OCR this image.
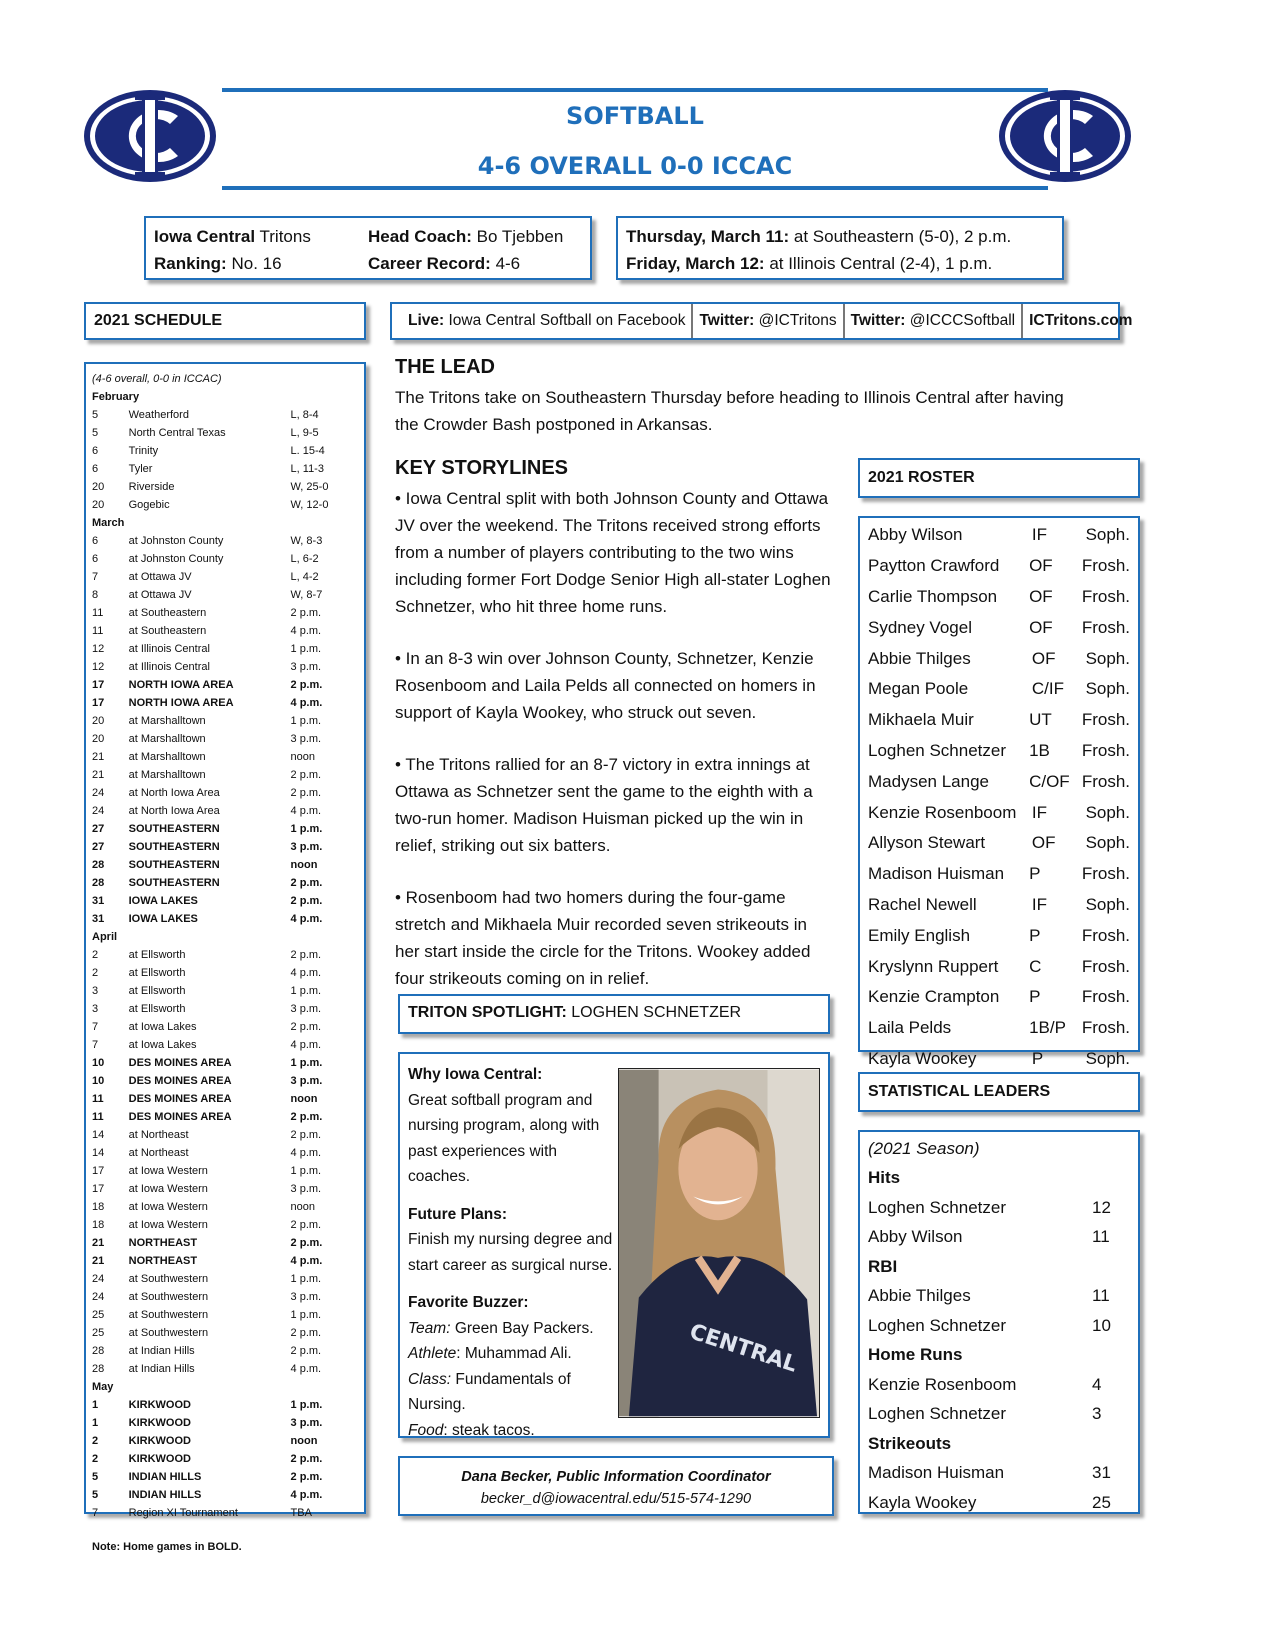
SOFTBALL
4-6 OVERALL 0-0 ICCAC
Iowa Central Tritons	Head Coach: Bo Tjebben
Ranking: No. 16	Career Record: 4-6
Thursday, March 11: at Southeastern (5-0), 2 p.m.
Friday, March 12: at Illinois Central (2-4), 1 p.m.
2021 SCHEDULE	Live:
Iowa Central Softball on Facebook Twitter:
@ICTritons Twitter:
@ICCCSoftball ICTritons.com
(4-6 overall, 0-0 in ICCAC)
February
5	Weatherford	L, 8-4
5	North Central Texas	L, 9-5
6	Trinity	L. 15-4
6	Tyler	L, 11-3
20	Riverside	W, 25-0
20	Gogebic	W, 12-0
March
6	at Johnston County	W, 8-3
6	at Johnston County	L, 6-2
7	at Ottawa JV	L, 4-2
8	at Ottawa JV	W, 8-7
11	at Southeastern	2 p.m.
11	at Southeastern	4 p.m.
12	at Illinois Central	1 p.m.
12	at Illinois Central	3 p.m.
17	NORTH IOWA AREA	2 p.m.
17	NORTH IOWA AREA	4 p.m.
20	at Marshalltown	1 p.m.
20	at Marshalltown	3 p.m.
21	at Marshalltown	noon
21	at Marshalltown	2 p.m.
24	at North Iowa Area	2 p.m.
24	at North Iowa Area	4 p.m.
27	SOUTHEASTERN	1 p.m.
27	SOUTHEASTERN	3 p.m.
28	SOUTHEASTERN	noon
28	SOUTHEASTERN	2 p.m.
31	IOWA LAKES	2 p.m.
31	IOWA LAKES	4 p.m.
April
2	at Ellsworth	2 p.m.
2	at Ellsworth	4 p.m.
3	at Ellsworth	1 p.m.
3	at Ellsworth	3 p.m.
7	at Iowa Lakes	2 p.m.
7	at Iowa Lakes	4 p.m.
10	DES MOINES AREA	1 p.m.
10	DES MOINES AREA	3 p.m.
11	DES MOINES AREA	noon
11	DES MOINES AREA	2 p.m.
14	at Northeast	2 p.m.
14	at Northeast	4 p.m.
17	at Iowa Western	1 p.m.
17	at Iowa Western	3 p.m.
18	at Iowa Western	noon
18	at Iowa Western	2 p.m.
21	NORTHEAST	2 p.m.
21	NORTHEAST	4 p.m.
24	at Southwestern	1 p.m.
24	at Southwestern	3 p.m.
25	at Southwestern	1 p.m.
25	at Southwestern	2 p.m.
28	at Indian Hills	2 p.m.
28	at Indian Hills	4 p.m.
May
1	KIRKWOOD	1 p.m.
1	KIRKWOOD	3 p.m.
2	KIRKWOOD	noon
2	KIRKWOOD	2 p.m.
5	INDIAN HILLS	2 p.m.
5	INDIAN HILLS	4 p.m.
7	Region XI Tournament	TBA
Note: Home games in BOLD.
THE LEAD
The Tritons take on Southeastern Thursday before heading to Illinois Central after having the Crowder Bash postponed in Arkansas.
KEY STORYLINES

• Iowa Central split with both Johnson County and Ottawa JV over the weekend. The Tritons received strong efforts from a number of players contributing to the two wins including former Fort Dodge Senior High all-stater Loghen Schnetzer, who hit three home runs.

• In an 8-3 win over Johnson County, Schnetzer, Kenzie Rosenboom and Laila Pelds all connected on homers in support of Kayla Wookey, who struck out seven.

• The Tritons rallied for an 8-7 victory in extra innings at Ottawa as Schnetzer sent the game to the eighth with a two-run homer. Madison Huisman picked up the win in relief, striking out six batters.

• Rosenboom had two homers during the four-game stretch and Mikhaela Muir recorded seven strikeouts in her start inside the circle for the Tritons. Wookey added four strikeouts coming on in relief.

TRITON SPOTLIGHT: LOGHEN SCHNETZER
Why Iowa Central:
Great softball program and nursing program, along with past experiences with coaches.
Future Plans:
Finish my nursing degree and start career as surgical nurse.
Favorite Buzzer:
Team: Green Bay Packers.
Athlete: Muhammad Ali.
Class: Fundamentals of Nursing.
Food: steak tacos.
CENTRAL
Dana Becker, Public Information Coordinator
becker_d@iowacentral.edu/515-574-1290
2021 ROSTER
Abby Wilson	IF	Soph.
Paytton Crawford	OF	Frosh.
Carlie Thompson	OF	Frosh.
Sydney Vogel	OF	Frosh.
Abbie Thilges	OF	Soph.
Megan Poole	C/IF	Soph.
Mikhaela Muir	UT	Frosh.
Loghen Schnetzer	1B	Frosh.
Madysen Lange	C/OF Frosh.
Kenzie Rosenboom IF	Soph.
Allyson Stewart	OF	Soph.
Madison Huisman	P	Frosh.
Rachel Newell	IF	Soph.
Emily English	P	Frosh.
Kryslynn Ruppert	C	Frosh.
Kenzie Crampton	P	Frosh.
Laila Pelds	1B/P Frosh.
Kayla Wookey	P	Soph.
STATISTICAL LEADERS
(2021 Season)
Hits
Loghen Schnetzer	12
Abby Wilson	11
RBI
Abbie Thilges	11
Loghen Schnetzer	10
Home Runs
Kenzie Rosenboom	4
Loghen Schnetzer	3
Strikeouts
Madison Huisman	31
Kayla Wookey	25
